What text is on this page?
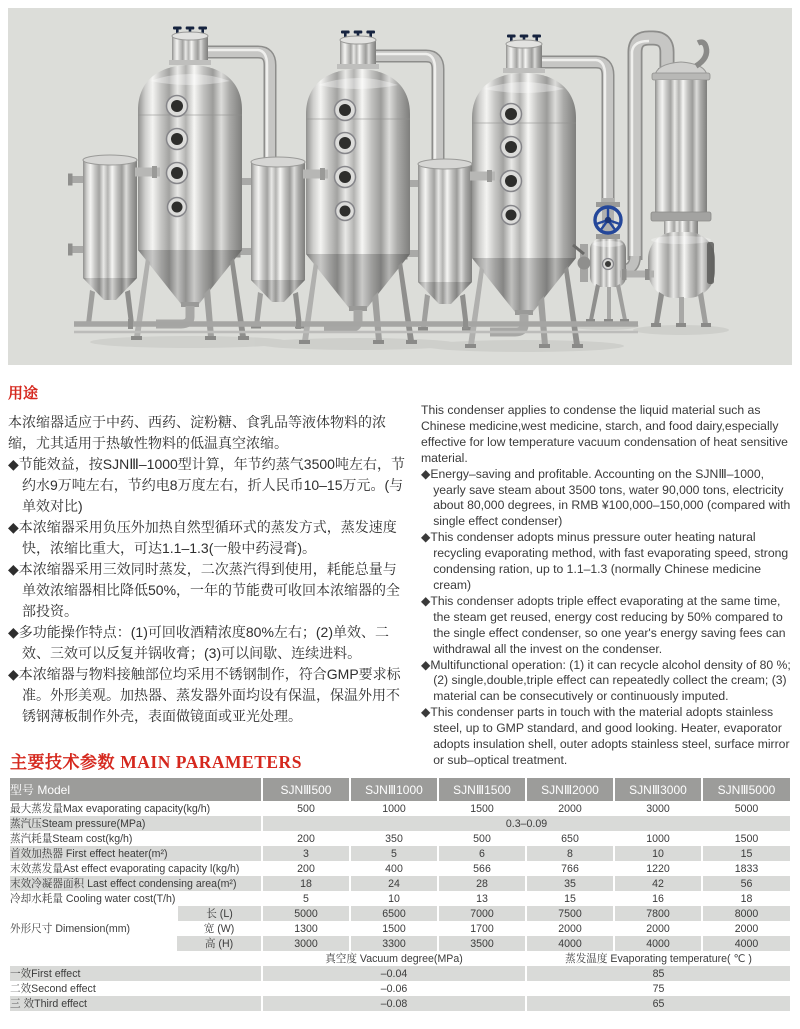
用途

本浓缩器适应于中药、西药、淀粉糖、食乳品等液体物料的浓缩，尤其适用于热敏性物料的低温真空浓缩。

◆节能效益，按SJNⅢ–1000型计算，年节约蒸气3500吨左右，节约水9万吨左右，节约电8万度左右，折人民币10–15万元。(与单效对比)
◆本浓缩器采用负压外加热自然型循环式的蒸发方式，蒸发速度快，浓缩比重大，可达1.1–1.3(一般中药浸膏)。
◆本浓缩器采用三效同时蒸发，二次蒸汽得到使用，耗能总量与单效浓缩器相比降低50%，一年的节能费可收回本浓缩器的全部投资。
◆多功能操作特点：(1)可回收酒精浓度80%左右；(2)单效、二效、三效可以反复并锅收膏；(3)可以间歇、连续进料。
◆本浓缩器与物料接触部位均采用不锈钢制作，符合GMP要求标准。外形美观。加热器、蒸发器外面均设有保温，保温外用不锈钢薄板制作外壳，表面做镜面或亚光处理。

This condenser applies to condense the liquid material such as Chinese medicine,west medicine, starch, and food dairy,especially effective for low temperature vacuum condensation of heat sensitive material.

◆Energy–saving and profitable. Accounting on the SJNⅢ–1000, yearly save steam about 3500 tons, water 90,000 tons, electricity about 80,000 degrees, in RMB ¥100,000–150,000 (compared with single effect condenser)
◆This condenser adopts minus pressure outer heating natural recycling evaporating method, with fast evaporating speed, strong condensing ration, up to 1.1–1.3 (normally Chinese medicine cream)
◆This condenser adopts triple effect evaporating at the same time, the steam get reused, energy cost reducing by 50% compared to the single effect condenser, so one year's energy saving fees can withdrawal all the invest on the condenser.
◆Multifunctional operation: (1) it can recycle alcohol density of 80 %; (2) single,double,triple effect can repeatedly collect the cream; (3) material can be consecutively or continuously imputed.
◆This condenser parts in touch with the material adopts stainless steel, up to GMP standard, and good looking. Heater, evaporator adopts insulation shell, outer adopts stainless steel, surface mirror or sub–optical treatment.
主要技术参数 MAIN PARAMETERS
型号 Model		SJNⅢ500	SJNⅢ1000	SJNⅢ1500	SJNⅢ2000	SJNⅢ3000	SJNⅢ5000
最大蒸发量Max evaporating capacity(kg/h)		500	1000	1500	2000	3000	5000
蒸汽压Steam pressure(MPa)		0.3–0.09					
蒸汽耗量Steam cost(kg/h)		200	350	500	650	1000	1500
首效加热器 First effect heater(m²)		3	5	6	8	10	15
末效蒸发量Ast effect evaporating capacity l(kg/h)		200	400	566	766	1220	1833
末效冷凝器面积 Last effect condensing area(m²)		18	24	28	35	42	56
冷却水耗量 Cooling water cost(T/h)		5	10	13	15	16	18
外形尺寸 Dimension(mm)	长 (L)	5000	6500	7000	7500	7800	8000
	宽 (W)	1300	1500	1700	2000	2000	2000
	高 (H)	3000	3300	3500	4000	4000	4000
		真空度 Vacuum degree(MPa)			蒸发温度 Evaporating temperature( ℃ )		
一效First effect		–0.04			85		
二效Second effect		–0.06			75		
三 效Third effect		–0.08			65		
